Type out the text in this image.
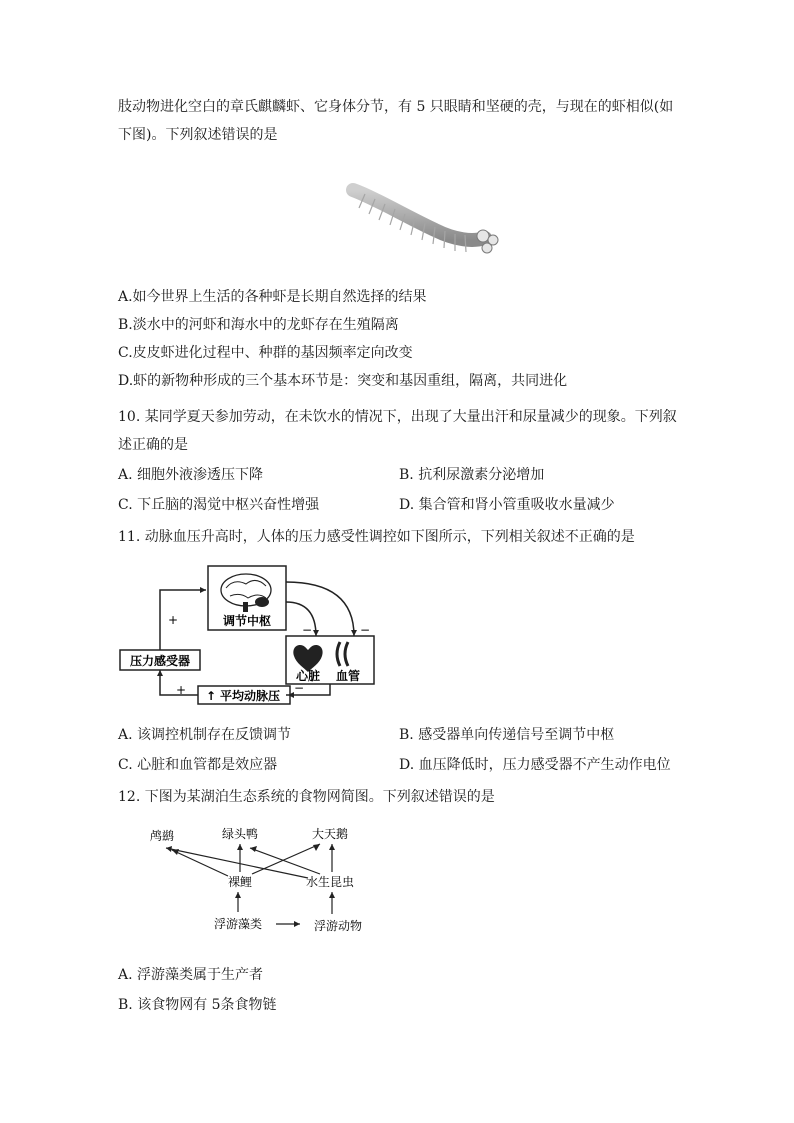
肢动物进化空白的章氏麒麟虾、它身体分节，有 5 只眼睛和坚硬的壳，与现在的虾相似(如
下图)。下列叙述错误的是
A.如今世界上生活的各种虾是长期自然选择的结果
B.淡水中的河虾和海水中的龙虾存在生殖隔离
C.皮皮虾进化过程中、种群的基因频率定向改变
D.虾的新物种形成的三个基本环节是：突变和基因重组，隔离，共同进化
10. 某同学夏天参加劳动，在未饮水的情况下，出现了大量出汗和尿量减少的现象。下列叙
述正确的是
A. 细胞外液渗透压下降	B. 抗利尿激素分泌增加
C. 下丘脑的渴觉中枢兴奋性增强	D. 集合管和肾小管重吸收水量减少
11. 动脉血压升高时，人体的压力感受性调控如下图所示，下列相关叙述不正确的是
调节中枢
心脏 血管
压力感受器
↑ 平均动脉压
+
+
−	−
−
A. 该调控机制存在反馈调节	B. 感受器单向传递信号至调节中枢
C. 心脏和血管都是效应器	D. 血压降低时，压力感受器不产生动作电位
12. 下图为某湖泊生态系统的食物网简图。下列叙述错误的是
鸬鹚	绿头鸭	大天鹅
裸鲤	水生昆虫
浮游藻类	浮游动物
A. 浮游藻类属于生产者
B. 该食物网有 5条食物链
